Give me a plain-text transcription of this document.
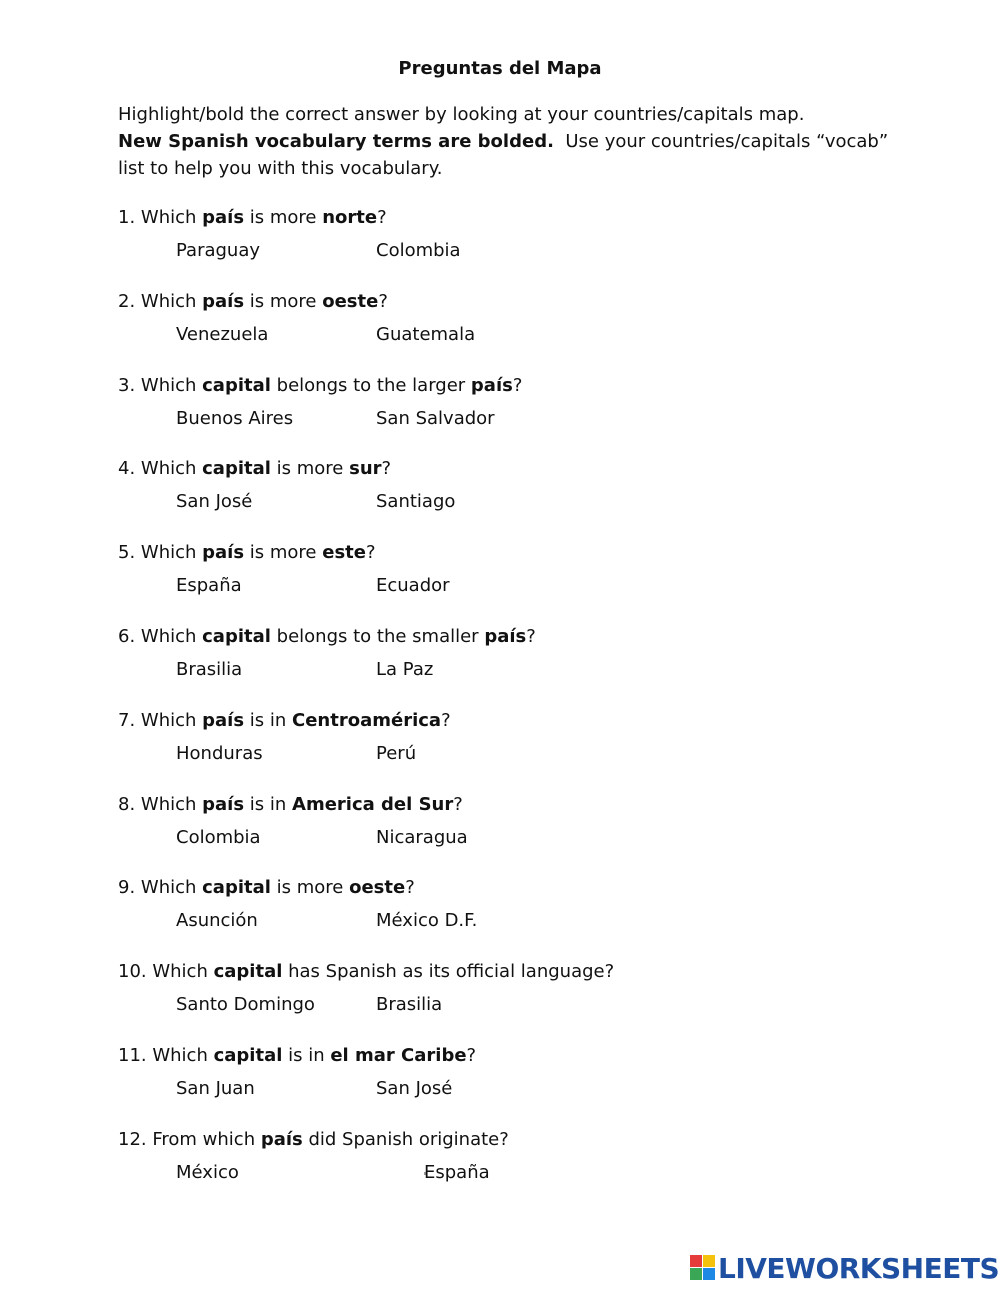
Preguntas del Mapa
Highlight/bold the correct answer by looking at your countries/capitals map.
New Spanish vocabulary terms are bolded.  Use your countries/capitals “vocab”
list to help you with this vocabulary.
1. Which país is more norte?
Paraguay	Colombia
2. Which país is more oeste?
Venezuela	Guatemala
3. Which capital belongs to the larger país?
Buenos Aires	San Salvador
4. Which capital is more sur?
San José	Santiago
5. Which país is more este?
España	Ecuador
6. Which capital belongs to the smaller país?
Brasilia	La Paz
7. Which país is in Centroamérica?
Honduras	Perú
8. Which país is in America del Sur?
Colombia	Nicaragua
9. Which capital is more oeste?
Asunción	México D.F.
10. Which capital has Spanish as its official language?
Santo Domingo	Brasilia
11. Which capital is in el mar Caribe?
San Juan	San José
12. From which país did Spanish originate?
México	España
LIVEWORKSHEETS
